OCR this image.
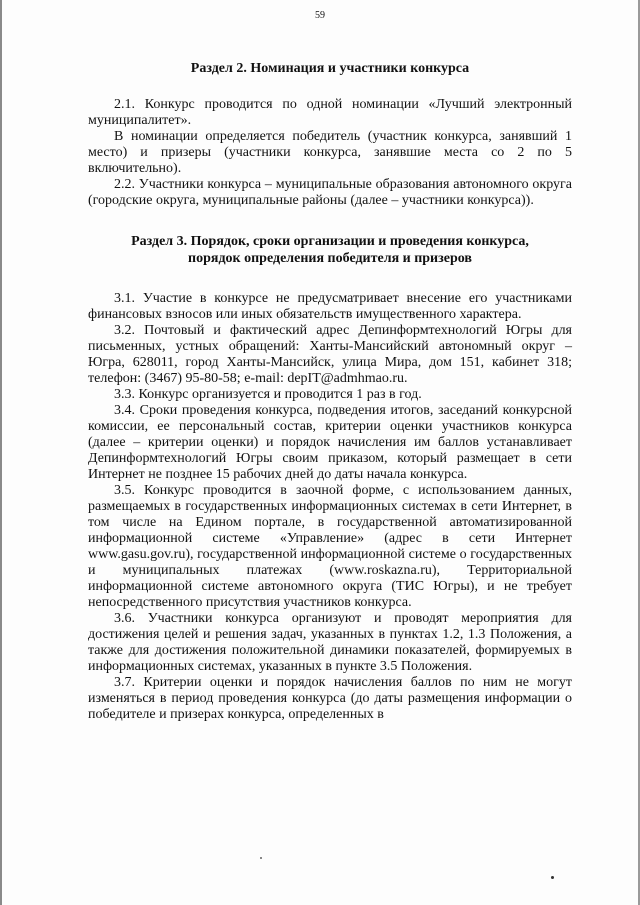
59
Раздел 2. Номинация и участники конкурса

2.1. Конкурс проводится по одной номинации «Лучший электронный муниципалитет».

В номинации определяется победитель (участник конкурса, занявший 1 место) и призеры (участники конкурса, занявшие места со 2 по 5 включительно).

2.2. Участники конкурса – муниципальные образования автономного округа (городские округа, муниципальные районы (далее – участники конкурса)).

Раздел 3. Порядок, сроки организации и проведения конкурса,
порядок определения победителя и призеров

3.1. Участие в конкурсе не предусматривает внесение его участниками финансовых взносов или иных обязательств имущественного характера.

3.2. Почтовый и фактический адрес Депинформтехнологий Югры для письменных, устных обращений: Ханты-Мансийский автономный округ – Югра, 628011, город Ханты-Мансийск, улица Мира, дом 151, кабинет 318; телефон: (3467) 95-80-58; e-mail: depIT@admhmao.ru.

3.3. Конкурс организуется и проводится 1 раз в год.

3.4. Сроки проведения конкурса, подведения итогов, заседаний конкурсной комиссии, ее персональный состав, критерии оценки участников конкурса (далее – критерии оценки) и порядок начисления им баллов устанавливает Депинформтехнологий Югры своим приказом, который размещает в сети Интернет не позднее 15 рабочих дней до даты начала конкурса.

3.5. Конкурс проводится в заочной форме, с использованием данных, размещаемых в государственных информационных системах в сети Интернет, в том числе на Едином портале, в государственной автоматизированной информационной системе «Управление» (адрес в сети Интернет www.gasu.gov.ru), государственной информационной системе о государственных и муниципальных платежах (www.roskazna.ru), Территориальной информационной системе автономного округа (ТИС Югры), и не требует непосредственного присутствия участников конкурса.

3.6. Участники конкурса организуют и проводят мероприятия для достижения целей и решения задач, указанных в пунктах 1.2, 1.3 Положения, а также для достижения положительной динамики показателей, формируемых в информационных системах, указанных в пункте 3.5 Положения.

3.7. Критерии оценки и порядок начисления баллов по ним не могут изменяться в период проведения конкурса (до даты размещения информации о победителе и призерах конкурса, определенных в
